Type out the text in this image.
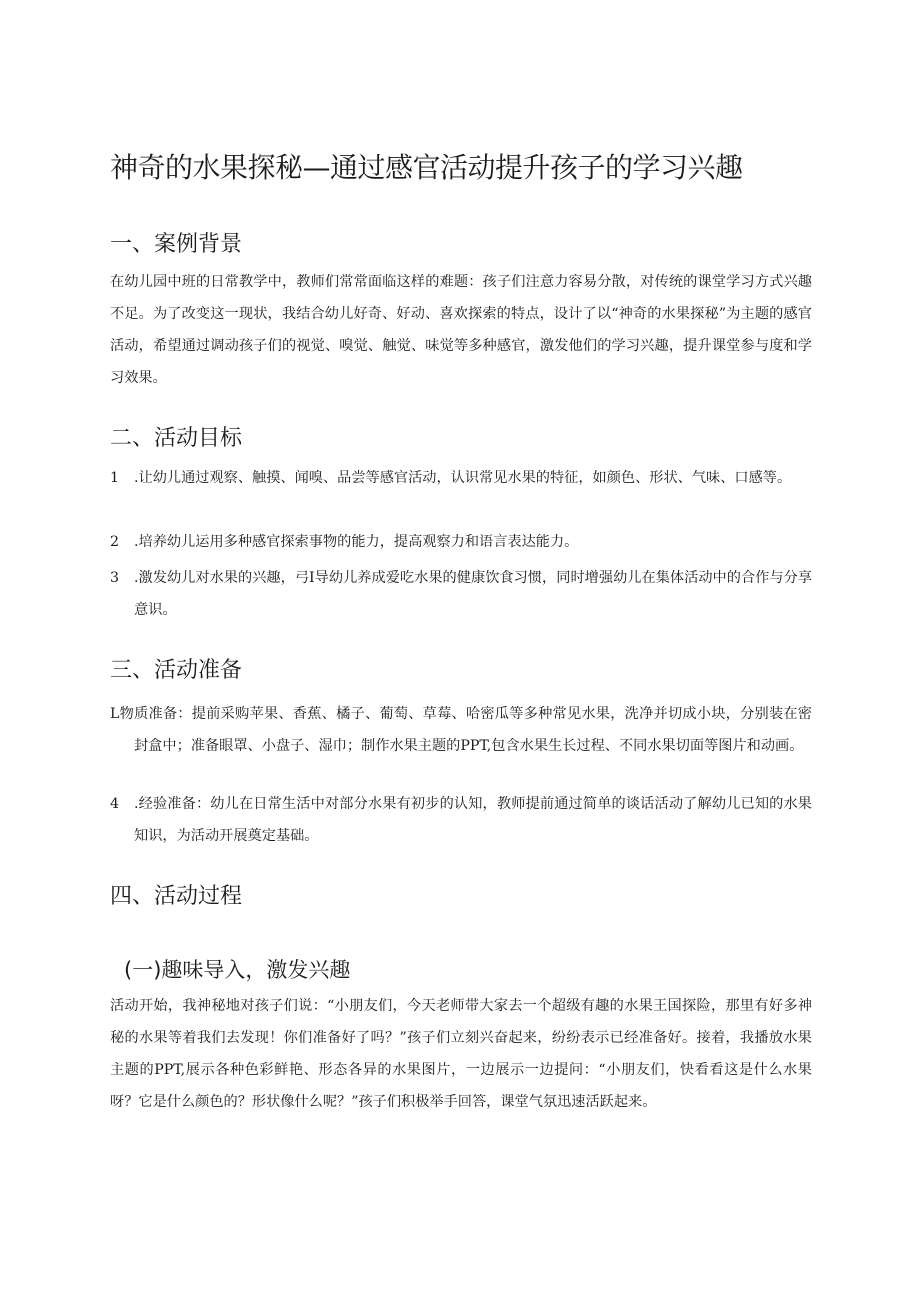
神奇的水果探秘—通过感官活动提升孩子的学习兴趣
一、案例背景

在幼儿园中班的日常教学中，教师们常常面临这样的难题：孩子们注意力容易分散，对传统的课堂学习方式兴趣不足。为了改变这一现状，我结合幼儿好奇、好动、喜欢探索的特点，设计了以“神奇的水果探秘”为主题的感官活动，希望通过调动孩子们的视觉、嗅觉、触觉、味觉等多种感官，激发他们的学习兴趣，提升课堂参与度和学习效果。

二、活动目标
1	.让幼儿通过观察、触摸、闻嗅、品尝等感官活动，认识常见水果的特征，如颜色、形状、气味、口感等。
2	.培养幼儿运用多种感官探索事物的能力，提高观察力和语言表达能力。
3	.激发幼儿对水果的兴趣，弓I导幼儿养成爱吃水果的健康饮食习惯，同时增强幼儿在集体活动中的合作与分享意识。
三、活动准备

L物质准备：提前采购苹果、香蕉、橘子、葡萄、草莓、哈密瓜等多种常见水果，洗净并切成小块，分别装在密封盒中；准备眼罩、小盘子、湿巾；制作水果主题的PPT,包含水果生长过程、不同水果切面等图片和动画。

4	.经验准备：幼儿在日常生活中对部分水果有初步的认知，教师提前通过简单的谈话活动了解幼儿已知的水果知识，为活动开展奠定基础。
四、活动过程
(一)趣味导入，激发兴趣

活动开始，我神秘地对孩子们说：“小朋友们，今天老师带大家去一个超级有趣的水果王国探险，那里有好多神秘的水果等着我们去发现！你们准备好了吗？”孩子们立刻兴奋起来，纷纷表示已经准备好。接着，我播放水果主题的PPT,展示各种色彩鲜艳、形态各异的水果图片，一边展示一边提问：“小朋友们，快看看这是什么水果呀？它是什么颜色的？形状像什么呢？”孩子们积极举手回答，课堂气氛迅速活跃起来。
